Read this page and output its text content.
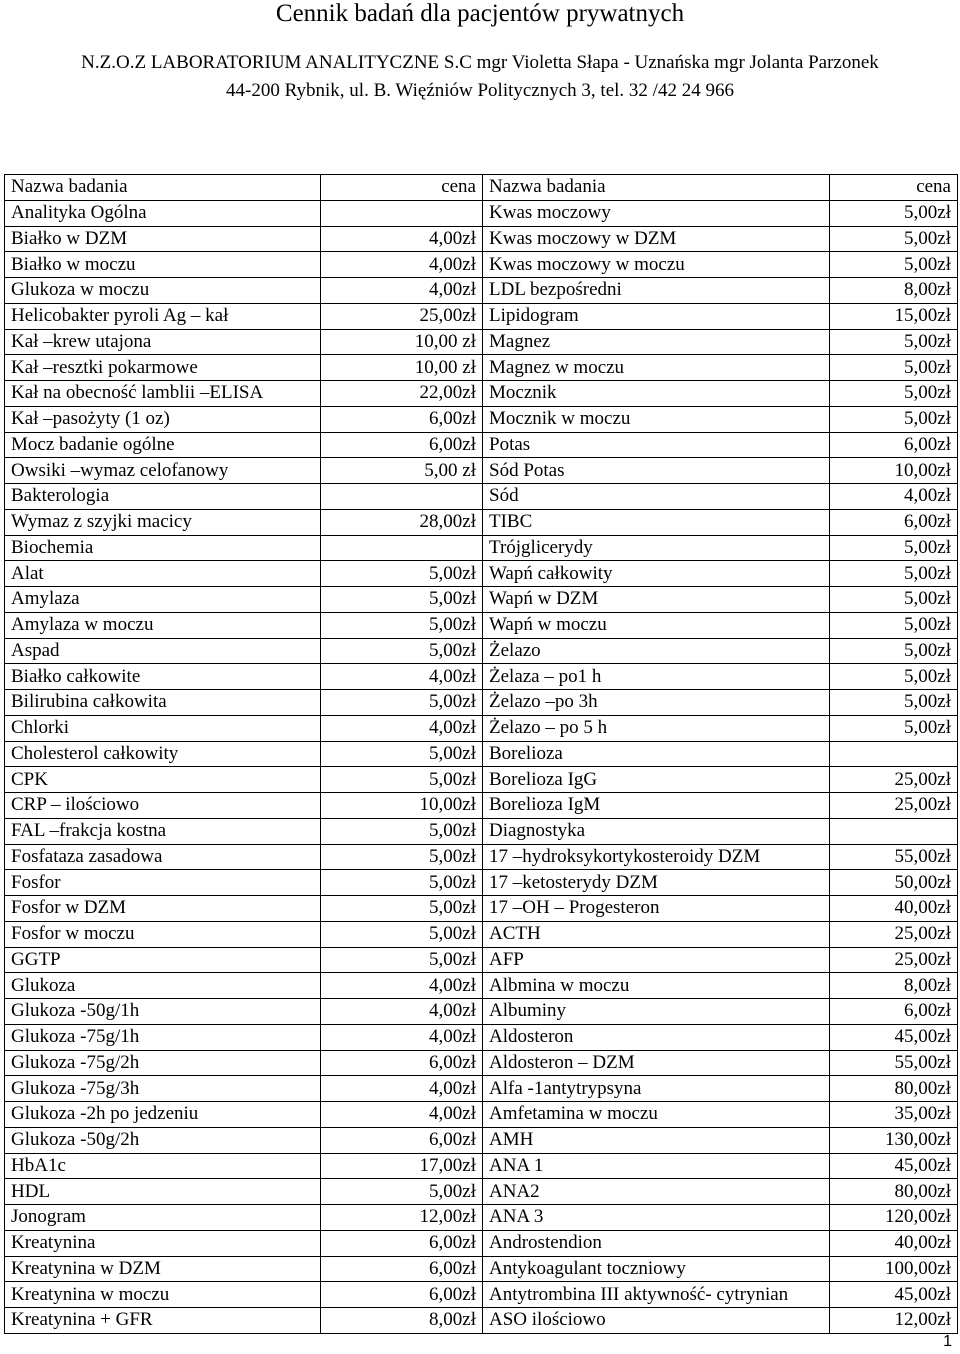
Cennik badań dla pacjentów prywatnych
N.Z.O.Z LABORATORIUM ANALITYCZNE S.C mgr Violetta Słapa - Uznańska mgr Jolanta Parzonek
44-200 Rybnik, ul. B. Więźniów Politycznych 3, tel. 32 /42 24 966
Nazwa badania	cena	Nazwa badania	cena
Analityka Ogólna		Kwas moczowy	5,00zł
Białko w DZM	4,00zł	Kwas moczowy w DZM	5,00zł
Białko w moczu	4,00zł	Kwas moczowy w moczu	5,00zł
Glukoza w moczu	4,00zł	LDL bezpośredni	8,00zł
Helicobakter pyroli Ag – kał	25,00zł	Lipidogram	15,00zł
Kał –krew utajona	10,00 zł	Magnez	5,00zł
Kał –resztki pokarmowe	10,00 zł	Magnez w moczu	5,00zł
Kał na obecność lamblii –ELISA	22,00zł	Mocznik	5,00zł
Kał –pasożyty (1 oz)	6,00zł	Mocznik w moczu	5,00zł
Mocz badanie ogólne	6,00zł	Potas	6,00zł
Owsiki –wymaz celofanowy	5,00 zł	Sód Potas	10,00zł
Bakterologia		Sód	4,00zł
Wymaz z szyjki macicy	28,00zł	TIBC	6,00zł
Biochemia		Trójglicerydy	5,00zł
Alat	5,00zł	Wapń całkowity	5,00zł
Amylaza	5,00zł	Wapń w DZM	5,00zł
Amylaza w moczu	5,00zł	Wapń w moczu	5,00zł
Aspad	5,00zł	Żelazo	5,00zł
Białko całkowite	4,00zł	Żelaza – po1 h	5,00zł
Bilirubina całkowita	5,00zł	Żelazo –po 3h	5,00zł
Chlorki	4,00zł	Żelazo – po 5 h	5,00zł
Cholesterol całkowity	5,00zł	Borelioza	
CPK	5,00zł	Borelioza IgG	25,00zł
CRP – ilościowo	10,00zł	Borelioza IgM	25,00zł
FAL –frakcja kostna	5,00zł	Diagnostyka	
Fosfataza zasadowa	5,00zł	17 –hydroksykortykosteroidy DZM	55,00zł
Fosfor	5,00zł	17 –ketosterydy DZM	50,00zł
Fosfor w DZM	5,00zł	17 –OH – Progesteron	40,00zł
Fosfor w moczu	5,00zł	ACTH	25,00zł
GGTP	5,00zł	AFP	25,00zł
Glukoza	4,00zł	Albmina w moczu	8,00zł
Glukoza -50g/1h	4,00zł	Albuminy	6,00zł
Glukoza -75g/1h	4,00zł	Aldosteron	45,00zł
Glukoza -75g/2h	6,00zł	Aldosteron – DZM	55,00zł
Glukoza -75g/3h	4,00zł	Alfa -1antytrypsyna	80,00zł
Glukoza -2h po jedzeniu	4,00zł	Amfetamina w moczu	35,00zł
Glukoza -50g/2h	6,00zł	AMH	130,00zł
HbA1c	17,00zł	ANA 1	45,00zł
HDL	5,00zł	ANA2	80,00zł
Jonogram	12,00zł	ANA 3	120,00zł
Kreatynina	6,00zł	Androstendion	40,00zł
Kreatynina w DZM	6,00zł	Antykoagulant toczniowy	100,00zł
Kreatynina w moczu	6,00zł	Antytrombina III aktywność- cytrynian	45,00zł
Kreatynina + GFR	8,00zł	ASO ilościowo	12,00zł
1
